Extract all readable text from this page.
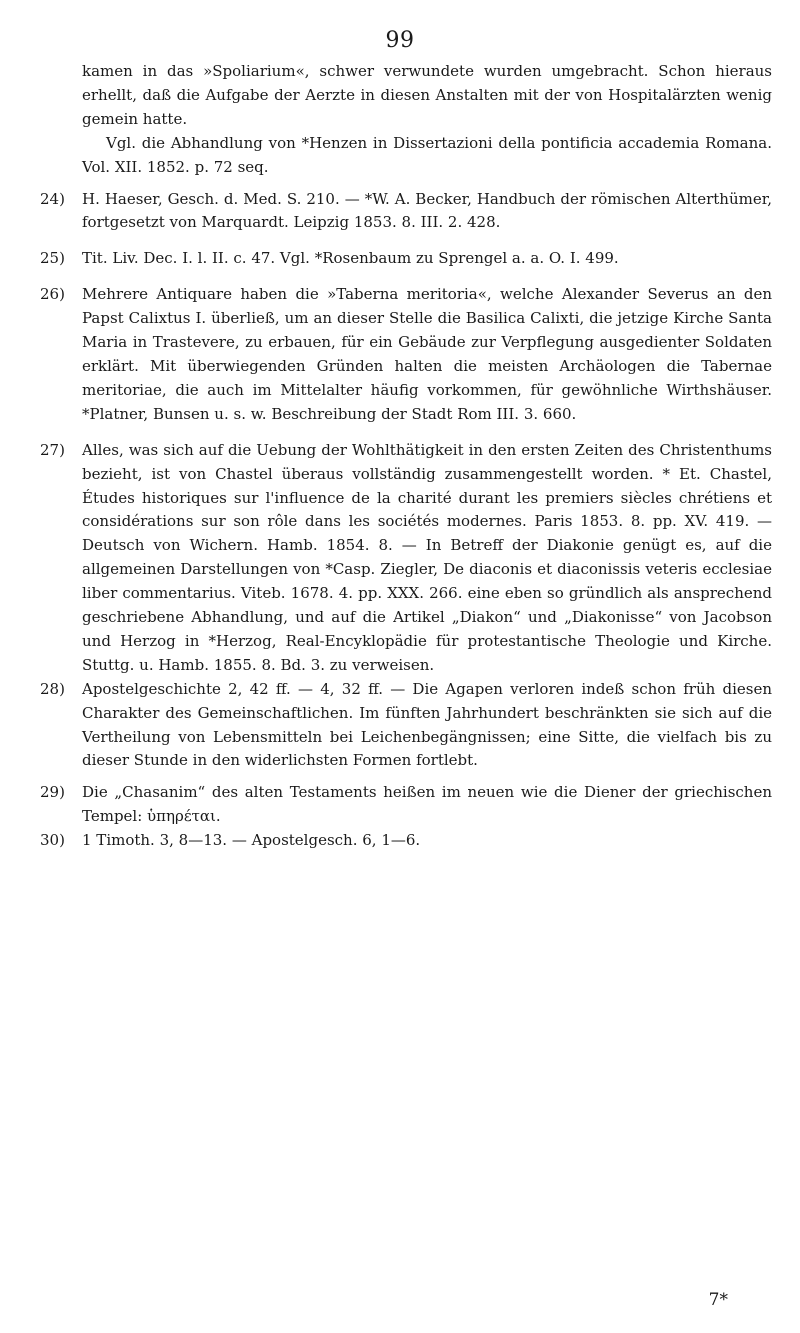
99

kamen in das »Spoliarium«, schwer verwundete wurden umgebracht. Schon hieraus erhellt, daß die Aufgabe der Aerzte in diesen Anstalten mit der von Hospitalärzten wenig gemein hatte.

Vgl. die Abhandlung von *Henzen in Dissertazioni della pontificia accademia Romana. Vol. XII. 1852. p. 72 seq.

24)	H. Haeser, Gesch. d. Med. S. 210. — *W. A. Becker, Handbuch der römischen Alterthümer, fortgesetzt von Marquardt. Leipzig 1853. 8. III. 2. 428.
25)	Tit. Liv. Dec. I. l. II. c. 47. Vgl. *Rosenbaum zu Sprengel a. a. O. I. 499.
26)	Mehrere Antiquare haben die »Taberna meritoria«, welche Alexander Severus an den Papst Calixtus I. überließ, um an dieser Stelle die Basilica Calixti, die jetzige Kirche Santa Maria in Trastevere, zu erbauen, für ein Gebäude zur Verpflegung ausgedienter Soldaten erklärt. Mit überwiegenden Gründen halten die meisten Archäologen die Tabernae meritoriae, die auch im Mittelalter häufig vorkommen, für gewöhnliche Wirthshäuser. *Platner, Bunsen u. s. w. Beschreibung der Stadt Rom III. 3. 660.
27)	Alles, was sich auf die Uebung der Wohlthätigkeit in den ersten Zeiten des Christenthums bezieht, ist von Chastel überaus vollständig zusammengestellt worden. * Et. Chastel, Études historiques sur l'influence de la charité durant les premiers siècles chrétiens et considérations sur son rôle dans les sociétés modernes. Paris 1853. 8. pp. XV. 419. — Deutsch von Wichern. Hamb. 1854. 8. — In Betreff der Diakonie genügt es, auf die allgemeinen Darstellungen von *Casp. Ziegler, De diaconis et diaconissis veteris ecclesiae liber commentarius. Viteb. 1678. 4. pp. XXX. 266. eine eben so gründlich als ansprechend geschriebene Abhandlung, und auf die Artikel „Diakon“ und „Diakonisse“ von Jacobson und Herzog in *Herzog, Real-Encyklopädie für protestantische Theologie und Kirche. Stuttg. u. Hamb. 1855. 8. Bd. 3. zu verweisen.
28)	Apostelgeschichte 2, 42 ff. — 4, 32 ff. — Die Agapen verloren indeß schon früh diesen Charakter des Gemeinschaftlichen. Im fünften Jahrhundert beschränkten sie sich auf die Vertheilung von Lebensmitteln bei Leichenbegängnissen; eine Sitte, die vielfach bis zu dieser Stunde in den widerlichsten Formen fortlebt.
29)	Die „Chasanim“ des alten Testaments heißen im neuen wie die Diener der griechischen Tempel: ὑπηρέται.
30)	1 Timoth. 3, 8—13. — Apostelgesch. 6, 1—6.
7*
